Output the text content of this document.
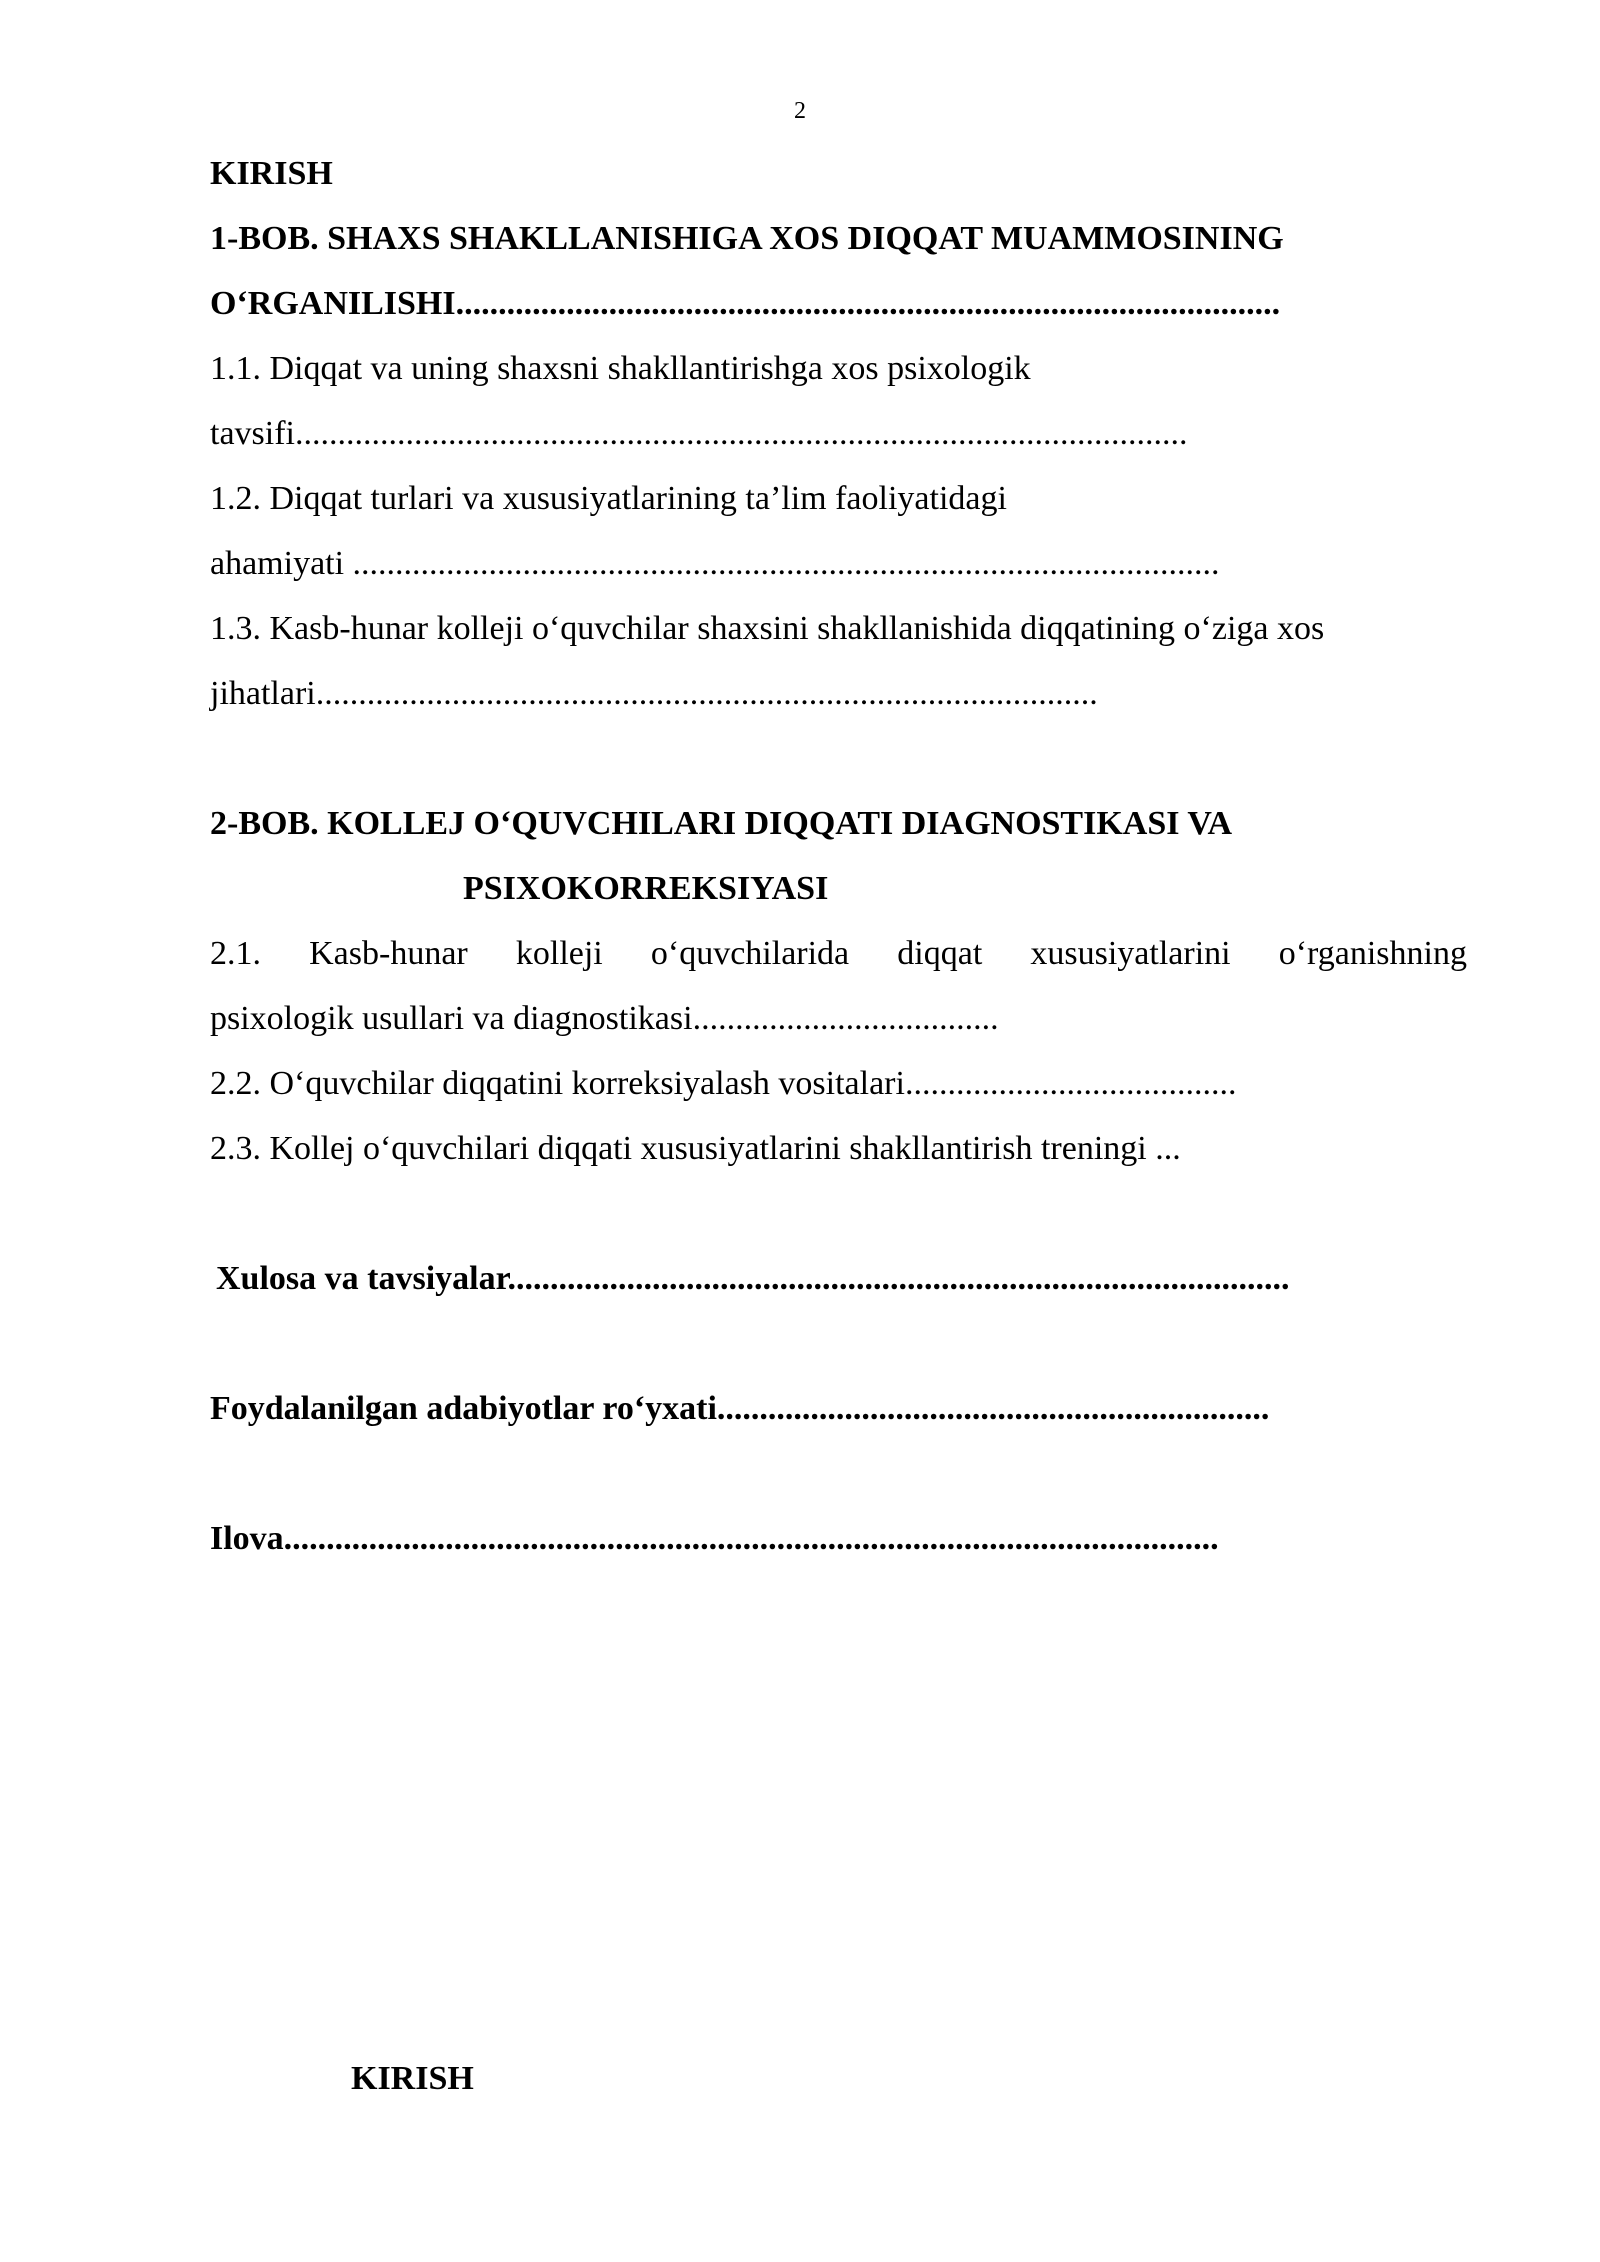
2
KIRISH
1-BOB. SHAXS SHAKLLANISHIGA XOS DIQQAT MUAMMOSINING
O‘RGANILISHI.................................................................................................
1.1. Diqqat va uning shaxsni shakllantirishga xos psixologik
tavsifi.........................................................................................................
1.2. Diqqat turlari va xususiyatlarining ta’lim faoliyatidagi
ahamiyati ......................................................................................................
1.3. Kasb-hunar kolleji o‘quvchilar shaxsini shakllanishida diqqatining o‘ziga xos
jihatlari............................................................................................
2-BOB. KOLLEJ O‘QUVCHILARI DIQQATI DIAGNOSTIKASI VA
PSIXOKORREKSIYASI
2.1. Kasb-hunar kolleji o‘quvchilarida diqqat xususiyatlarini o‘rganishning
psixologik usullari va diagnostikasi....................................
2.2. O‘quvchilar diqqatini korreksiyalash vositalari.......................................
2.3. Kollej o‘quvchilari diqqati xususiyatlarini shakllantirish treningi ...
Xulosa va tavsiyalar............................................................................................
Foydalanilgan adabiyotlar ro‘yxati.................................................................
Ilova..............................................................................................................
KIRISH
